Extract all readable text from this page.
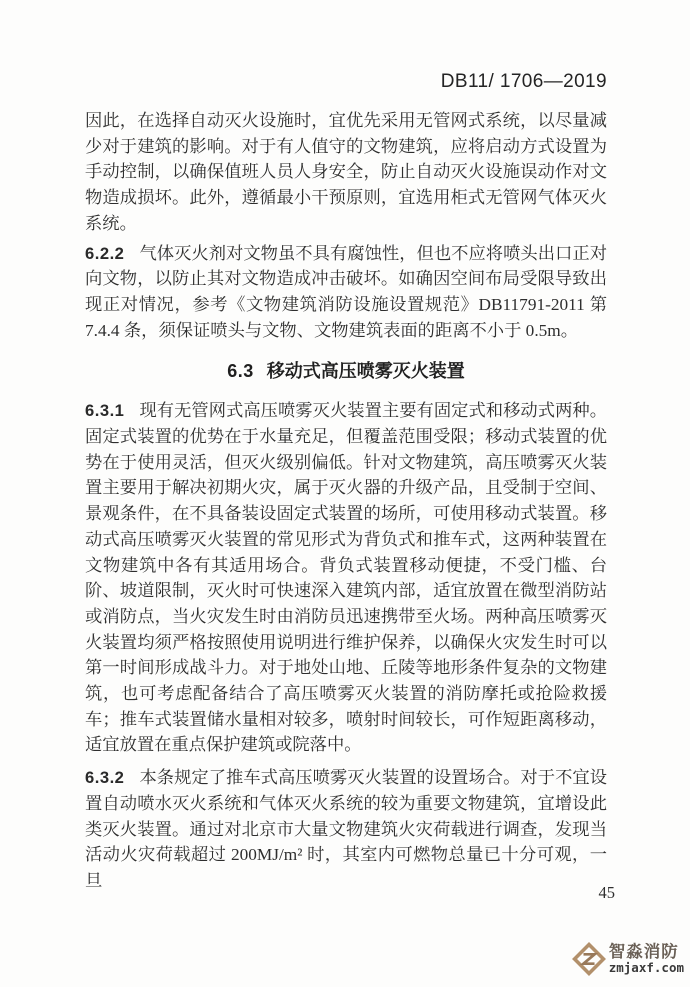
DB11/ 1706—2019

因此，在选择自动灭火设施时，宜优先采用无管网式系统，以尽量减少对于建筑的影响。对于有人值守的文物建筑，应将启动方式设置为手动控制，以确保值班人员人身安全，防止自动灭火设施误动作对文物造成损坏。此外，遵循最小干预原则，宜选用柜式无管网气体灭火系统。

6.2.2 气体灭火剂对文物虽不具有腐蚀性，但也不应将喷头出口正对向文物，以防止其对文物造成冲击破坏。如确因空间布局受限导致出现正对情况，参考《文物建筑消防设施设置规范》DB11791-2011 第 7.4.4 条，须保证喷头与文物、文物建筑表面的距离不小于 0.5m。

6.3 移动式高压喷雾灭火装置

6.3.1 现有无管网式高压喷雾灭火装置主要有固定式和移动式两种。固定式装置的优势在于水量充足，但覆盖范围受限；移动式装置的优势在于使用灵活，但灭火级别偏低。针对文物建筑，高压喷雾灭火装置主要用于解决初期火灾，属于灭火器的升级产品，且受制于空间、景观条件，在不具备装设固定式装置的场所，可使用移动式装置。移动式高压喷雾灭火装置的常见形式为背负式和推车式，这两种装置在文物建筑中各有其适用场合。背负式装置移动便捷，不受门槛、台阶、坡道限制，灭火时可快速深入建筑内部，适宜放置在微型消防站或消防点，当火灾发生时由消防员迅速携带至火场。两种高压喷雾灭火装置均须严格按照使用说明进行维护保养，以确保火灾发生时可以第一时间形成战斗力。对于地处山地、丘陵等地形条件复杂的文物建筑，也可考虑配备结合了高压喷雾灭火装置的消防摩托或抢险救援车；推车式装置储水量相对较多，喷射时间较长，可作短距离移动，适宜放置在重点保护建筑或院落中。

6.3.2 本条规定了推车式高压喷雾灭火装置的设置场合。对于不宜设置自动喷水灭火系统和气体灭火系统的较为重要文物建筑，宜增设此类灭火装置。通过对北京市大量文物建筑火灾荷载进行调查，发现当活动火灾荷载超过 200MJ/m² 时，其室内可燃物总量已十分可观，一旦

45
智淼消防
zmjaxf.com
